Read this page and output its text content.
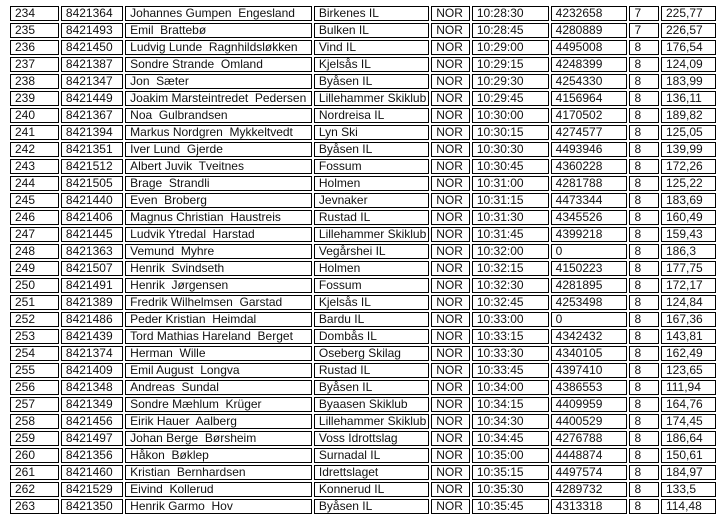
234	8421364	Johannes Gumpen  Engesland	Birkenes IL	NOR	10:28:30	4232658	7	225,77
235	8421493	Emil  Brattebø	Bulken IL	NOR	10:28:45	4280889	7	226,57
236	8421450	Ludvig Lunde  Ragnhildsløkken	Vind IL	NOR	10:29:00	4495008	8	176,54
237	8421387	Sondre Strande  Omland	Kjelsås IL	NOR	10:29:15	4248399	8	124,09
238	8421347	Jon  Sæter	Byåsen IL	NOR	10:29:30	4254330	8	183,99
239	8421449	Joakim Marsteintredet  Pedersen	Lillehammer Skiklub	NOR	10:29:45	4156964	8	136,11
240	8421367	Noa  Gulbrandsen	Nordreisa IL	NOR	10:30:00	4170502	8	189,82
241	8421394	Markus Nordgren  Mykkeltvedt	Lyn Ski	NOR	10:30:15	4274577	8	125,05
242	8421351	Iver Lund  Gjerde	Byåsen IL	NOR	10:30:30	4493946	8	139,99
243	8421512	Albert Juvik  Tveitnes	Fossum	NOR	10:30:45	4360228	8	172,26
244	8421505	Brage  Strandli	Holmen	NOR	10:31:00	4281788	8	125,22
245	8421440	Even  Broberg	Jevnaker	NOR	10:31:15	4473344	8	183,69
246	8421406	Magnus Christian  Haustreis	Rustad IL	NOR	10:31:30	4345526	8	160,49
247	8421445	Ludvik Ytredal  Harstad	Lillehammer Skiklub	NOR	10:31:45	4399218	8	159,43
248	8421363	Vemund  Myhre	Vegårshei IL	NOR	10:32:00	0	8	186,3
249	8421507	Henrik  Svindseth	Holmen	NOR	10:32:15	4150223	8	177,75
250	8421491	Henrik  Jørgensen	Fossum	NOR	10:32:30	4281895	8	172,17
251	8421389	Fredrik Wilhelmsen  Garstad	Kjelsås IL	NOR	10:32:45	4253498	8	124,84
252	8421486	Peder Kristian  Heimdal	Bardu IL	NOR	10:33:00	0	8	167,36
253	8421439	Tord Mathias Hareland  Berget	Dombås IL	NOR	10:33:15	4342432	8	143,81
254	8421374	Herman  Wille	Oseberg Skilag	NOR	10:33:30	4340105	8	162,49
255	8421409	Emil August  Longva	Rustad IL	NOR	10:33:45	4397410	8	123,65
256	8421348	Andreas  Sundal	Byåsen IL	NOR	10:34:00	4386553	8	111,94
257	8421349	Sondre Mæhlum  Krüger	Byaasen Skiklub	NOR	10:34:15	4409959	8	164,76
258	8421456	Eirik Hauer  Aalberg	Lillehammer Skiklub	NOR	10:34:30	4400529	8	174,45
259	8421497	Johan Berge  Børsheim	Voss Idrottslag	NOR	10:34:45	4276788	8	186,64
260	8421356	Håkon  Bøklep	Surnadal IL	NOR	10:35:00	4448874	8	150,61
261	8421460	Kristian  Bernhardsen	Idrettslaget	NOR	10:35:15	4497574	8	184,97
262	8421529	Eivind  Kollerud	Konnerud IL	NOR	10:35:30	4289732	8	133,5
263	8421350	Henrik Garmo  Hov	Byåsen IL	NOR	10:35:45	4313318	8	114,48
